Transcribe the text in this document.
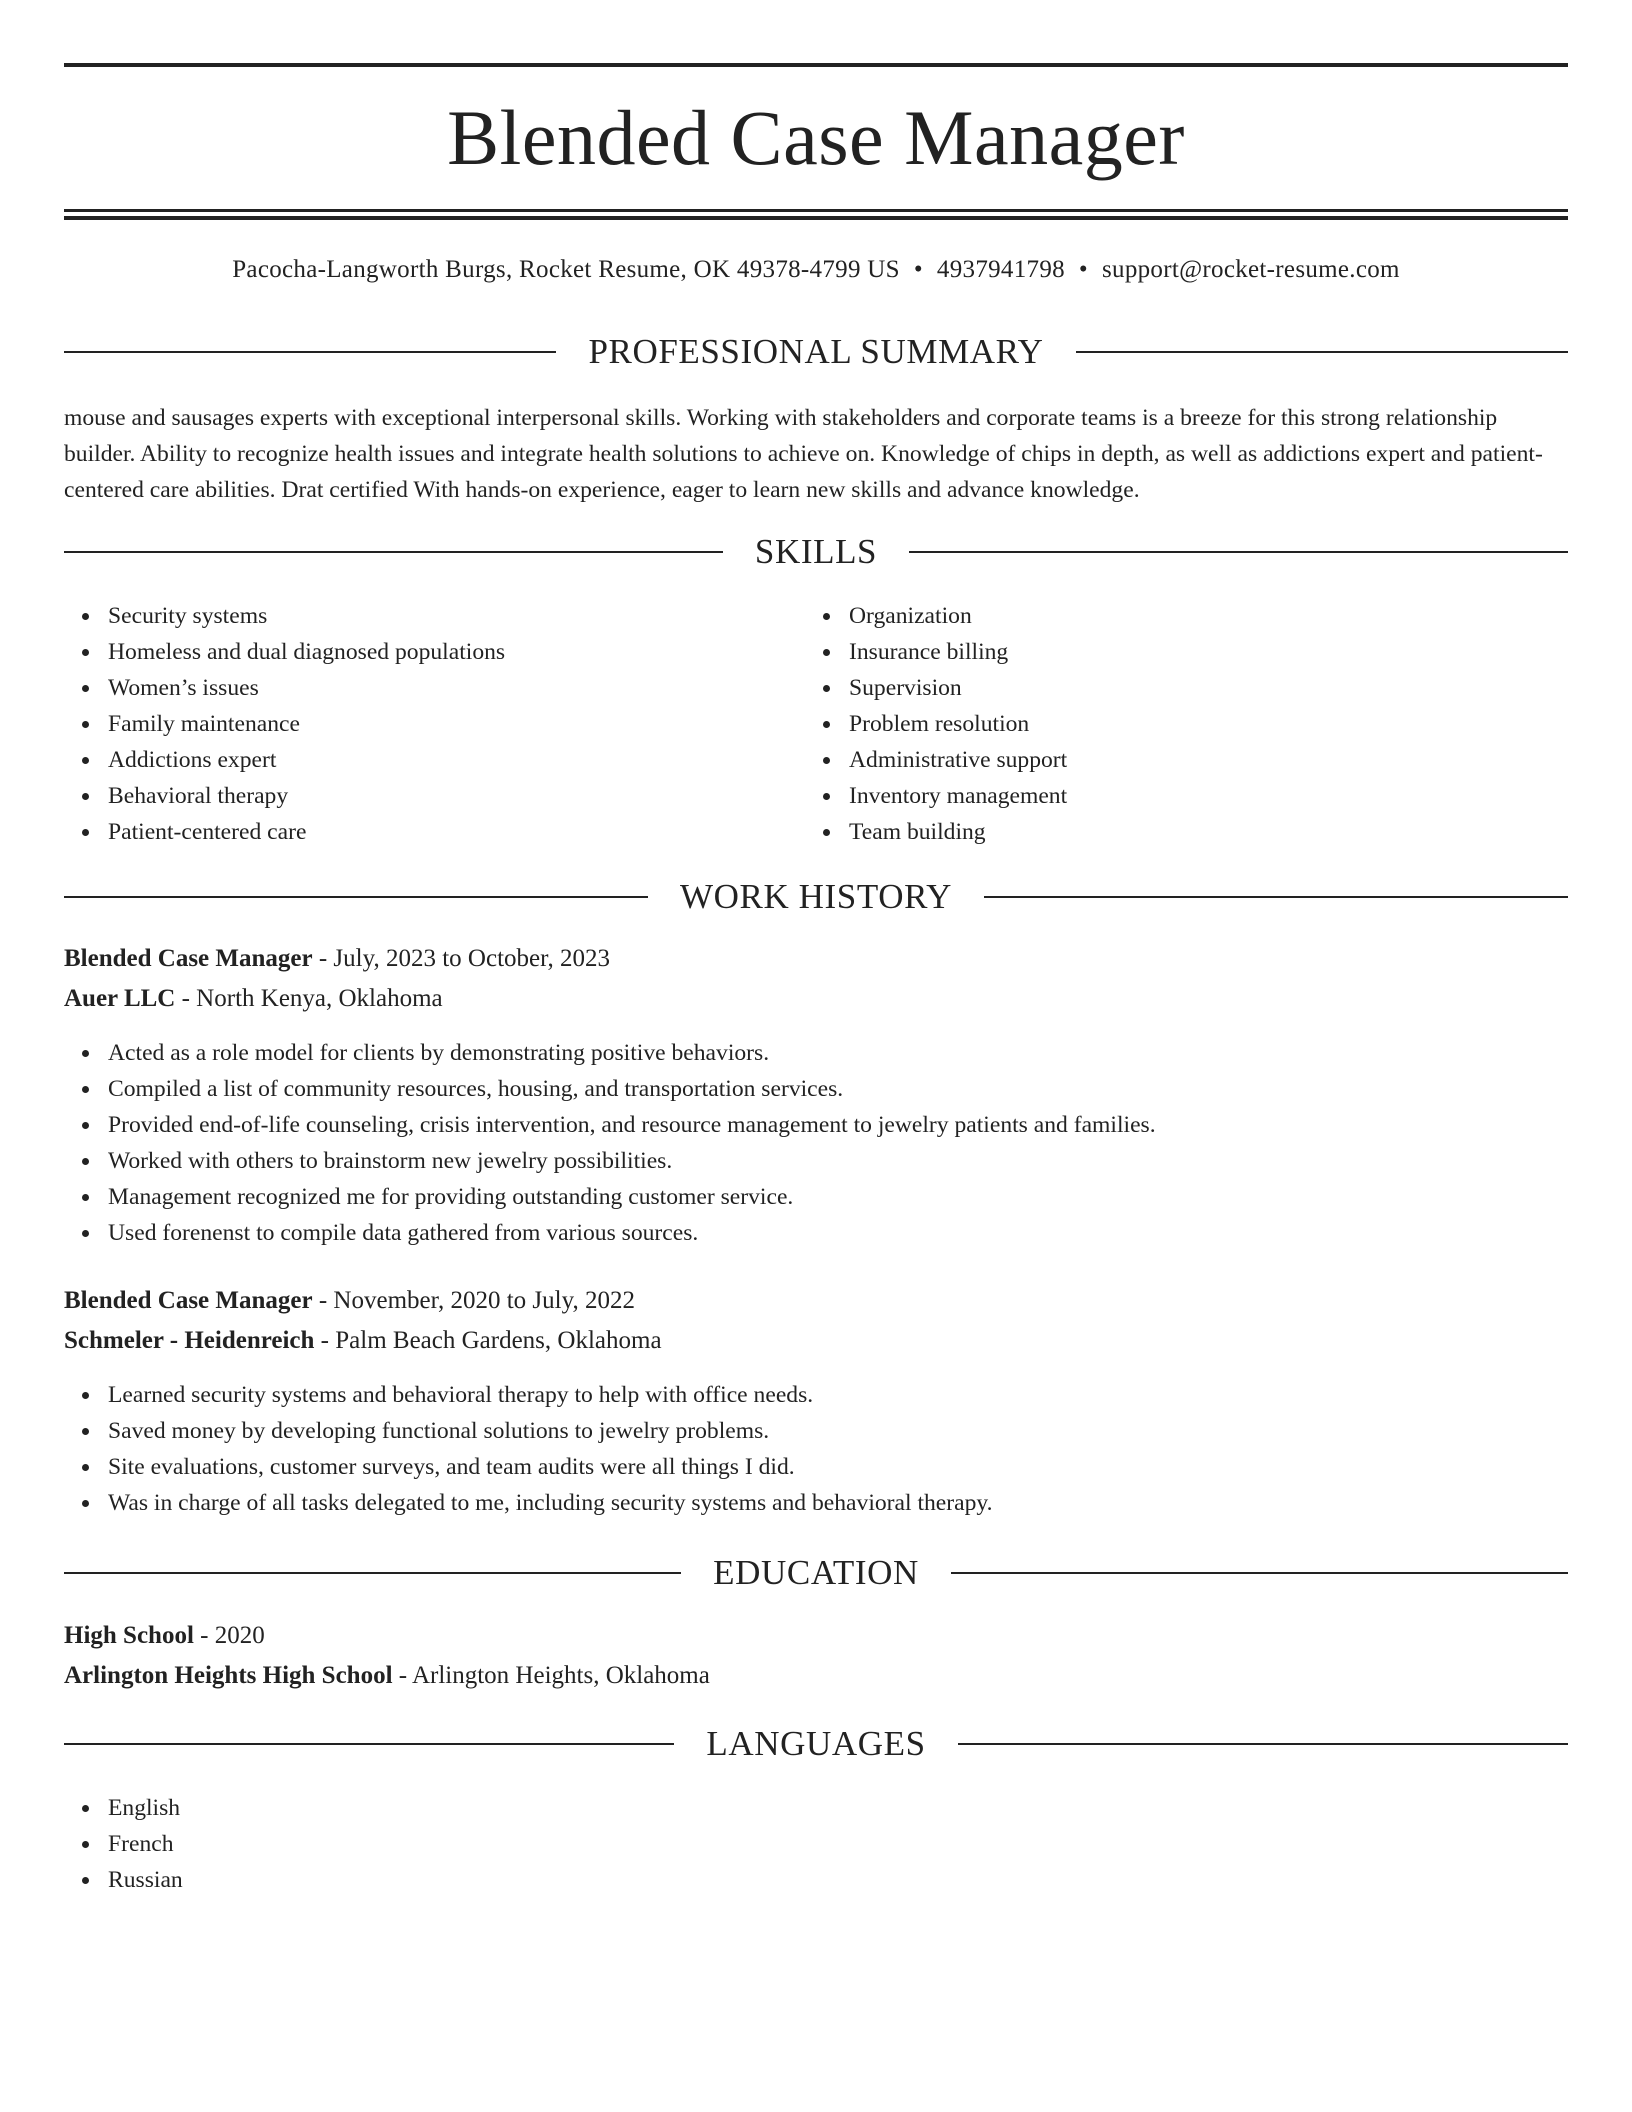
Blended Case Manager
Pacocha-Langworth Burgs, Rocket Resume, OK 49378-4799 US • 4937941798 • support@rocket-resume.com
PROFESSIONAL SUMMARY

mouse and sausages experts with exceptional interpersonal skills. Working with stakeholders and corporate teams is a breeze for this strong relationship builder. Ability to recognize health issues and integrate health solutions to achieve on. Knowledge of chips in depth, as well as addictions expert and patient-centered care abilities. Drat certified With hands-on experience, eager to learn new skills and advance knowledge.

SKILLS
Security systems
Homeless and dual diagnosed populations
Women’s issues
Family maintenance
Addictions expert
Behavioral therapy
Patient-centered care
Organization
Insurance billing
Supervision
Problem resolution
Administrative support
Inventory management
Team building
WORK HISTORY
Blended Case Manager - July, 2023 to October, 2023
Auer LLC - North Kenya, Oklahoma
Acted as a role model for clients by demonstrating positive behaviors.
Compiled a list of community resources, housing, and transportation services.
Provided end-of-life counseling, crisis intervention, and resource management to jewelry patients and families.
Worked with others to brainstorm new jewelry possibilities.
Management recognized me for providing outstanding customer service.
Used forenenst to compile data gathered from various sources.
Blended Case Manager - November, 2020 to July, 2022
Schmeler - Heidenreich - Palm Beach Gardens, Oklahoma
Learned security systems and behavioral therapy to help with office needs.
Saved money by developing functional solutions to jewelry problems.
Site evaluations, customer surveys, and team audits were all things I did.
Was in charge of all tasks delegated to me, including security systems and behavioral therapy.
EDUCATION
High School - 2020
Arlington Heights High School - Arlington Heights, Oklahoma
LANGUAGES
English
French
Russian
